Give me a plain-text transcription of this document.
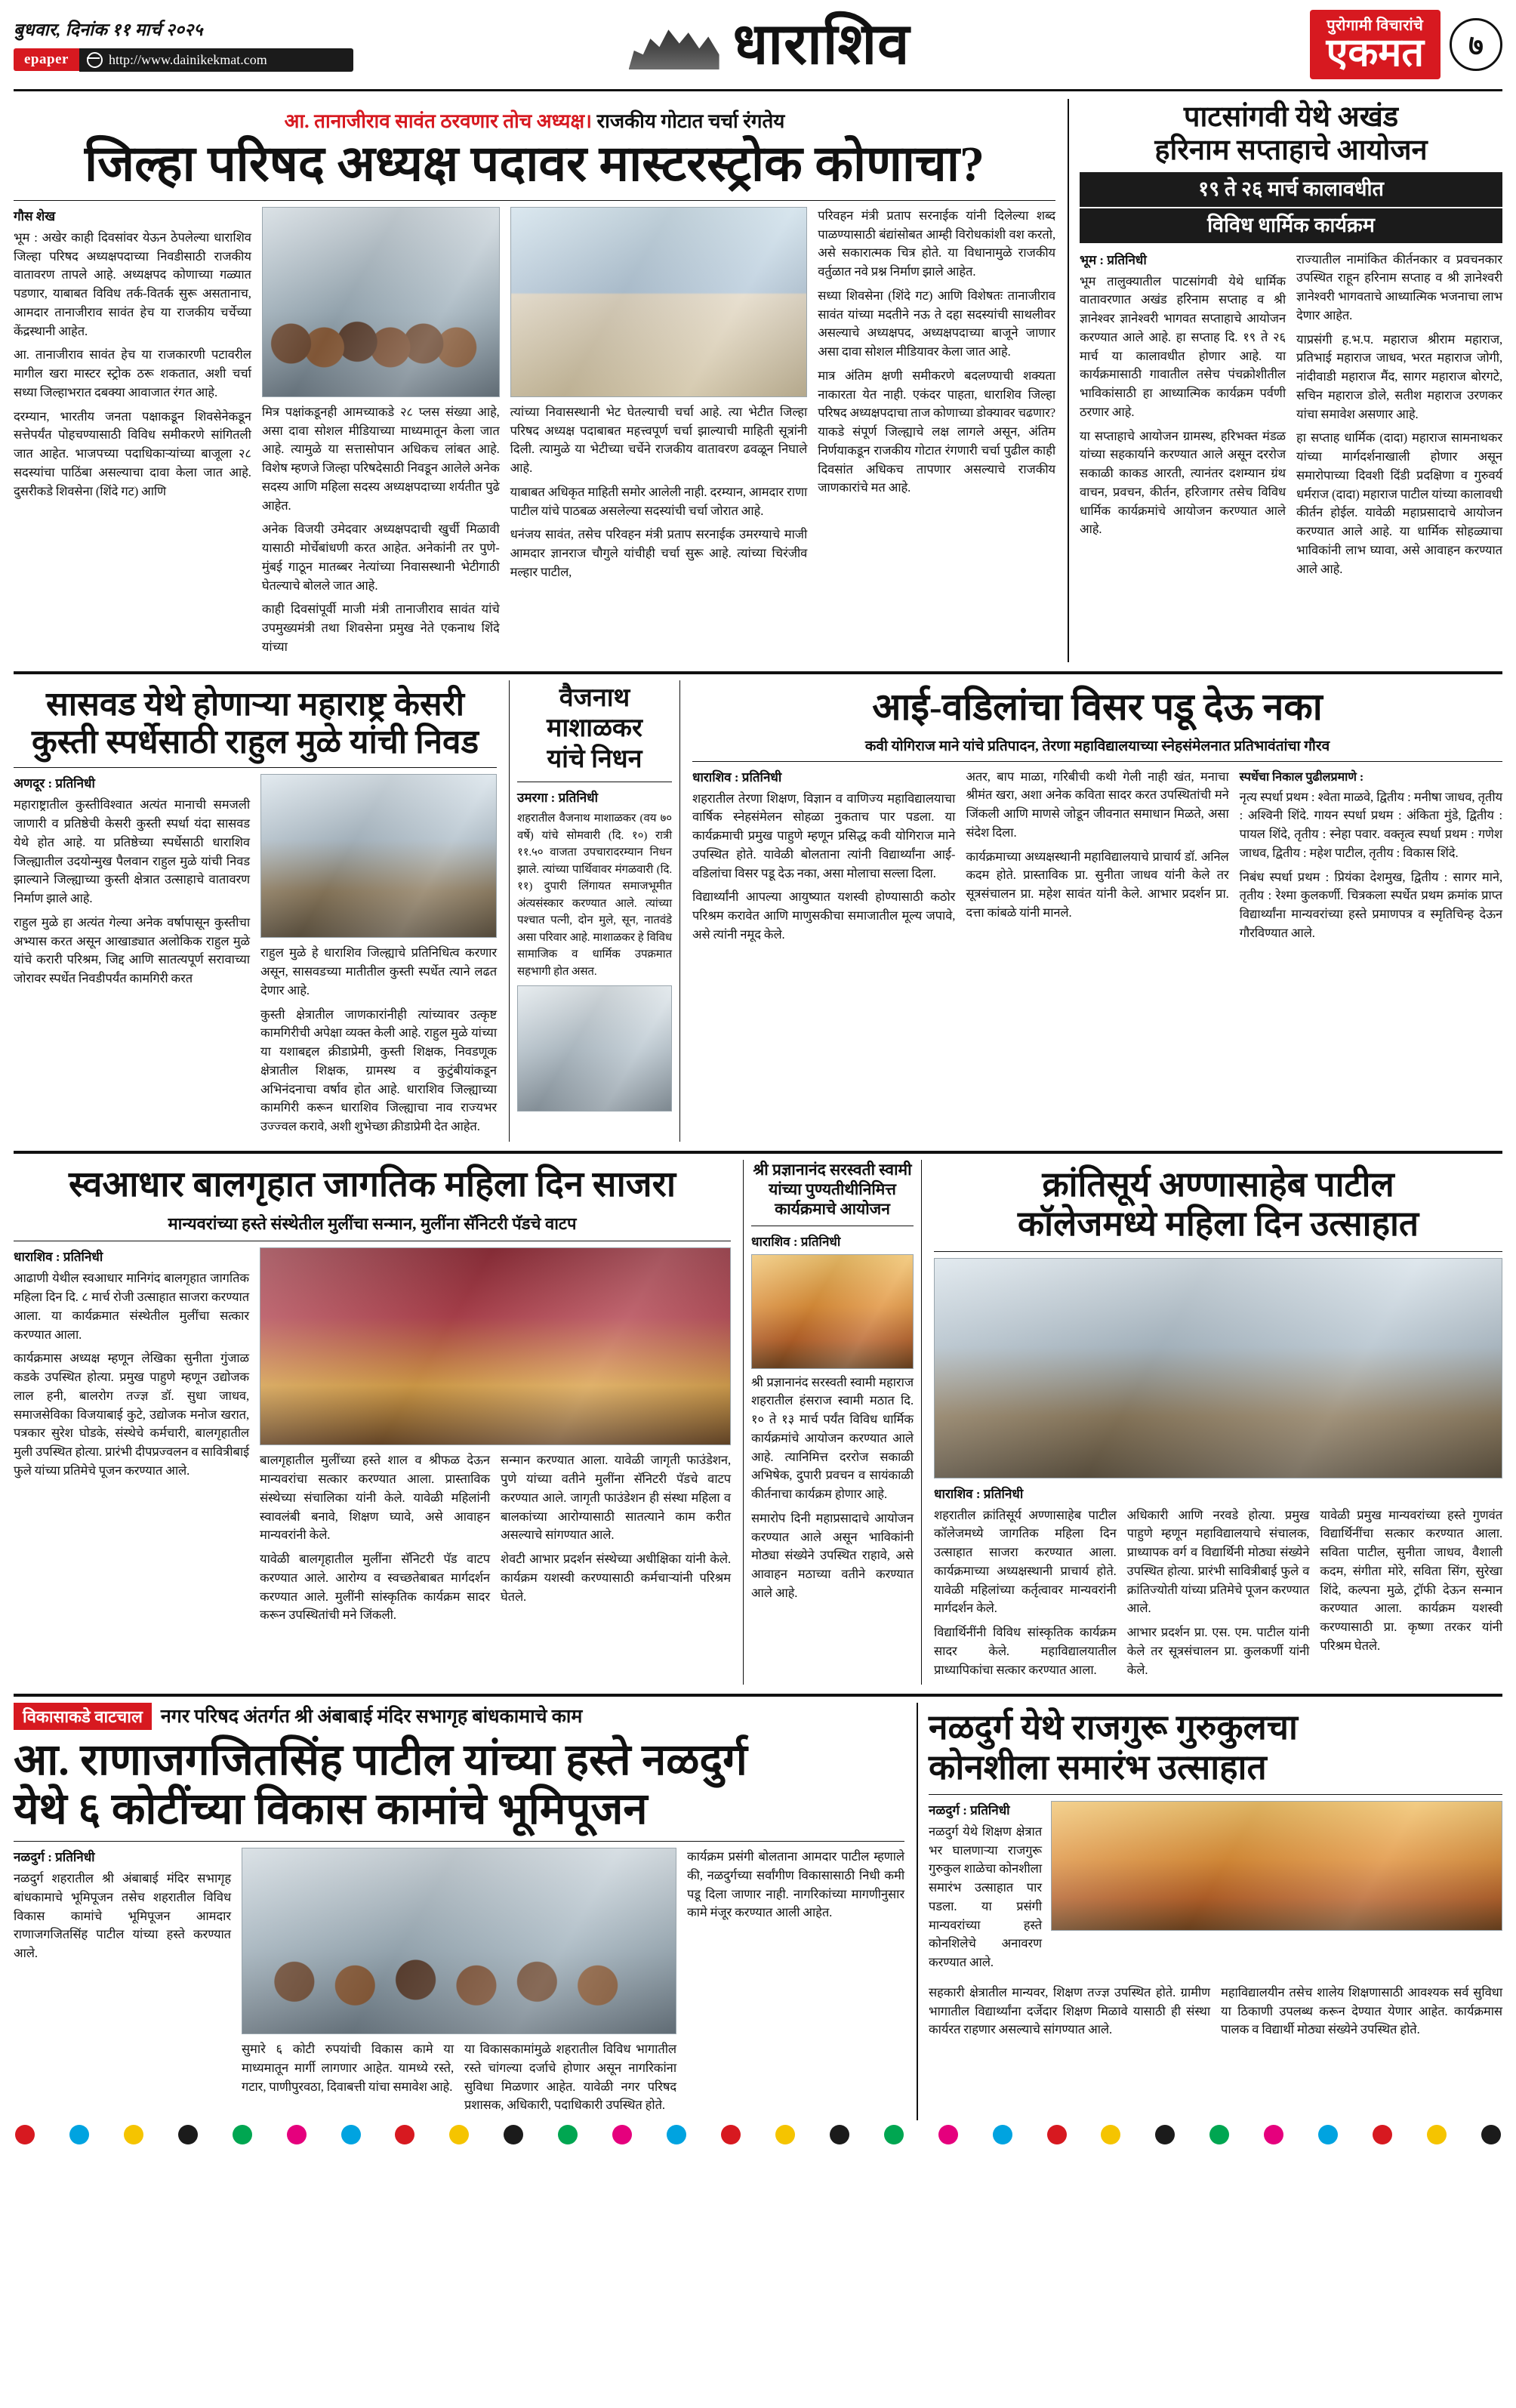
बुधवार, दिनांक ११ मार्च २०२५
epaper	http://www.dainikekmat.com	धाराशिव	पुरोगामी विचारांचे
एकमत	७
आ. तानाजीराव सावंत ठरवणार तोच अध्यक्ष। राजकीय गोटात चर्चा रंगतेय
जिल्हा परिषद अध्यक्ष पदावर मास्टरस्ट्रोक कोणाचा?
गौस शेख

भूम : अखेर काही दिवसांवर येऊन ठेपलेल्या धाराशिव जिल्हा परिषद अध्यक्षपदाच्या निवडीसाठी राजकीय वातावरण तापले आहे. अध्यक्षपद कोणाच्या गळ्यात पडणार, याबाबत विविध तर्क-वितर्क सुरू असतानाच, आमदार तानाजीराव सावंत हेच या राजकीय चर्चेच्या केंद्रस्थानी आहेत.

आ. तानाजीराव सावंत हेच या राजकारणी पटावरील मागील खरा मास्टर स्ट्रोक ठरू शकतात, अशी चर्चा सध्या जिल्हाभरात दबक्या आवाजात रंगत आहे.

दरम्यान, भारतीय जनता पक्षाकडून शिवसेनेकडून सत्तेपर्यंत पोहचण्यासाठी विविध समीकरणे सांगितली जात आहेत. भाजपच्या पदाधिकाऱ्यांच्या बाजूला २८ सदस्यांचा पाठिंबा असल्याचा दावा केला जात आहे. दुसरीकडे शिवसेना (शिंदे गट) आणि

मित्र पक्षांकडूनही आमच्याकडे २८ प्लस संख्या आहे, असा दावा सोशल मीडियाच्या माध्यमातून केला जात आहे. त्यामुळे या सत्तासोपान अधिकच लांबत आहे. विशेष म्हणजे जिल्हा परिषदेसाठी निवडून आलेले अनेक सदस्य आणि महिला सदस्य अध्यक्षपदाच्या शर्यतीत पुढे आहेत.

अनेक विजयी उमेदवार अध्यक्षपदाची खुर्ची मिळावी यासाठी मोर्चेबांधणी करत आहेत. अनेकांनी तर पुणे-मुंबई गाठून मातब्बर नेत्यांच्या निवासस्थानी भेटीगाठी घेतल्याचे बोलले जात आहे.

काही दिवसांपूर्वी माजी मंत्री तानाजीराव सावंत यांचे उपमुख्यमंत्री तथा शिवसेना प्रमुख नेते एकनाथ शिंदे यांच्या

त्यांच्या निवासस्थानी भेट घेतल्याची चर्चा आहे. त्या भेटीत जिल्हा परिषद अध्यक्ष पदाबाबत महत्त्वपूर्ण चर्चा झाल्याची माहिती सूत्रांनी दिली. त्यामुळे या भेटीच्या चर्चेने राजकीय वातावरण ढवळून निघाले आहे.

याबाबत अधिकृत माहिती समोर आलेली नाही. दरम्यान, आमदार राणा पाटील यांचे पाठबळ असलेल्या सदस्यांची चर्चा जोरात आहे.

धनंजय सावंत, तसेच परिवहन मंत्री प्रताप सरनाईक उमरग्याचे माजी आमदार ज्ञानराज चौगुले यांचीही चर्चा सुरू आहे. त्यांच्या चिरंजीव मल्हार पाटील,

परिवहन मंत्री प्रताप सरनाईक यांनी दिलेल्या शब्द पाळण्यासाठी बंद्यांसोबत आम्ही विरोधकांशी वश करतो, असे सकारात्मक चित्र होते. या विधानामुळे राजकीय वर्तुळात नवे प्रश्न निर्माण झाले आहेत.

सध्या शिवसेना (शिंदे गट) आणि विशेषतः तानाजीराव सावंत यांच्या मदतीने नऊ ते दहा सदस्यांची साथलीवर असल्याचे अध्यक्षपद, अध्यक्षपदाच्या बाजूने जाणार असा दावा सोशल मीडियावर केला जात आहे.

मात्र अंतिम क्षणी समीकरणे बदलण्याची शक्यता नाकारता येत नाही. एकंदर पाहता, धाराशिव जिल्हा परिषद अध्यक्षपदाचा ताज कोणाच्या डोक्यावर चढणार? याकडे संपूर्ण जिल्ह्याचे लक्ष लागले असून, अंतिम निर्णयाकडून राजकीय गोटात रंगणारी चर्चा पुढील काही दिवसांत अधिकच तापणार असल्याचे राजकीय जाणकारांचे मत आहे.

पाटसांगवी येथे अखंड
हरिनाम सप्ताहाचे आयोजन
१९ ते २६ मार्च कालावधीत
विविध धार्मिक कार्यक्रम
भूम : प्रतिनिधी

भूम तालुक्यातील पाटसांगवी येथे धार्मिक वातावरणात अखंड हरिनाम सप्ताह व श्री ज्ञानेश्वर ज्ञानेश्वरी भागवत सप्ताहाचे आयोजन करण्यात आले आहे. हा सप्ताह दि. १९ ते २६ मार्च या कालावधीत होणार आहे. या कार्यक्रमासाठी गावातील तसेच पंचक्रोशीतील भाविकांसाठी हा आध्यात्मिक कार्यक्रम पर्वणी ठरणार आहे.

या सप्ताहाचे आयोजन ग्रामस्थ, हरिभक्त मंडळ यांच्या सहकार्याने करण्यात आले असून दररोज सकाळी काकड आरती, त्यानंतर दशम्यान ग्रंथ वाचन, प्रवचन, कीर्तन, हरिजागर तसेच विविध धार्मिक कार्यक्रमांचे आयोजन करण्यात आले आहे.

राज्यातील नामांकित कीर्तनकार व प्रवचनकार उपस्थित राहून हरिनाम सप्ताह व श्री ज्ञानेश्वरी ज्ञानेश्वरी भागवताचे आध्यात्मिक भजनाचा लाभ देणार आहेत.

याप्रसंगी ह.भ.प. महाराज श्रीराम महाराज, प्रतिभाई महाराज जाधव, भरत महाराज जोगी, नांदीवाडी महाराज मैंद, सागर महाराज बोरगटे, सचिन महाराज डोले, सतीश महाराज उरणकर यांचा समावेश असणार आहे.

हा सप्ताह धार्मिक (दादा) महाराज सामनाथकर यांच्या मार्गदर्शनाखाली होणार असून समारोपाच्या दिवशी दिंडी प्रदक्षिणा व गुरुवर्य धर्मराज (दादा) महाराज पाटील यांच्या कालावधी कीर्तन होईल. यावेळी महाप्रसादाचे आयोजन करण्यात आले आहे. या धार्मिक सोहळ्याचा भाविकांनी लाभ घ्यावा, असे आवाहन करण्यात आले आहे.

सासवड येथे होणाऱ्या महाराष्ट्र केसरी
कुस्ती स्पर्धेसाठी राहुल मुळे यांची निवड
अणदूर : प्रतिनिधी

महाराष्ट्रातील कुस्तीविश्वात अत्यंत मानाची समजली जाणारी व प्रतिष्ठेची केसरी कुस्ती स्पर्धा यंदा सासवड येथे होत आहे. या प्रतिष्ठेच्या स्पर्धेसाठी धाराशिव जिल्ह्यातील उदयोन्मुख पैलवान राहुल मुळे यांची निवड झाल्याने जिल्ह्याच्या कुस्ती क्षेत्रात उत्साहाचे वातावरण निर्माण झाले आहे.

राहुल मुळे हा अत्यंत गेल्या अनेक वर्षापासून कुस्तीचा अभ्यास करत असून आखाड्यात अलोकिक राहुल मुळे यांचे करारी परिश्रम, जिद्द आणि सातत्यपूर्ण सरावाच्या जोरावर स्पर्धेत निवडीपर्यंत कामगिरी करत

राहुल मुळे हे धाराशिव जिल्ह्याचे प्रतिनिधित्व करणार असून, सासवडच्या मातीतील कुस्ती स्पर्धेत त्याने लढत देणार आहे.

कुस्ती क्षेत्रातील जाणकारांनीही त्यांच्यावर उत्कृष्ट कामगिरीची अपेक्षा व्यक्त केली आहे. राहुल मुळे यांच्या या यशाबद्दल क्रीडाप्रेमी, कुस्ती शिक्षक, निवडणूक क्षेत्रातील शिक्षक, ग्रामस्थ व कुटुंबीयांकडून अभिनंदनाचा वर्षाव होत आहे. धाराशिव जिल्ह्याच्या कामगिरी करून धाराशिव जिल्ह्याचा नाव राज्यभर उज्ज्वल करावे, अशी शुभेच्छा क्रीडाप्रेमी देत आहेत.

वैजनाथ
माशाळकर
यांचे निधन
उमरगा : प्रतिनिधी

शहरातील वैजनाथ माशाळकर (वय ७० वर्षे) यांचे सोमवारी (दि. १०) रात्री ११.५० वाजता उपचारादरम्यान निधन झाले. त्यांच्या पार्थिवावर मंगळवारी (दि. ११) दुपारी लिंगायत समाजभूमीत अंत्यसंस्कार करण्यात आले. त्यांच्या पश्चात पत्नी, दोन मुले, सून, नातवंडे असा परिवार आहे. माशाळकर हे विविध सामाजिक व धार्मिक उपक्रमात सहभागी होत असत.

आई-वडिलांचा विसर पडू देऊ नका
कवी योगिराज माने यांचे प्रतिपादन, तेरणा महाविद्यालयाच्या स्नेहसंमेलनात प्रतिभावंतांचा गौरव
धाराशिव : प्रतिनिधी

शहरातील तेरणा शिक्षण, विज्ञान व वाणिज्य महाविद्यालयाचा वार्षिक स्नेहसंमेलन सोहळा नुकताच पार पडला. या कार्यक्रमाची प्रमुख पाहुणे म्हणून प्रसिद्ध कवी योगिराज माने उपस्थित होते. यावेळी बोलताना त्यांनी विद्यार्थ्यांना आई-वडिलांचा विसर पडू देऊ नका, असा मोलाचा सल्ला दिला.

विद्यार्थ्यांनी आपल्या आयुष्यात यशस्वी होण्यासाठी कठोर परिश्रम करावेत आणि माणुसकीचा समाजातील मूल्य जपावे, असे त्यांनी नमूद केले.

अतर, बाप माळा, गरिबीची कथी गेली नाही खंत, मनाचा श्रीमंत खरा, अशा अनेक कविता सादर करत उपस्थितांची मने जिंकली आणि माणसे जोडून जीवनात समाधान मिळते, असा संदेश दिला.

कार्यक्रमाच्या अध्यक्षस्थानी महाविद्यालयाचे प्राचार्य डॉ. अनिल कदम होते. प्रास्ताविक प्रा. सुनीता जाधव यांनी केले तर सूत्रसंचालन प्रा. महेश सावंत यांनी केले. आभार प्रदर्शन प्रा. दत्ता कांबळे यांनी मानले.

स्पर्धेचा निकाल पुढीलप्रमाणे :

नृत्य स्पर्धा प्रथम : श्वेता माळवे, द्वितीय : मनीषा जाधव, तृतीय : अश्विनी शिंदे. गायन स्पर्धा प्रथम : अंकिता मुंडे, द्वितीय : पायल शिंदे, तृतीय : स्नेहा पवार. वक्तृत्व स्पर्धा प्रथम : गणेश जाधव, द्वितीय : महेश पाटील, तृतीय : विकास शिंदे.

निबंध स्पर्धा प्रथम : प्रियंका देशमुख, द्वितीय : सागर माने, तृतीय : रेश्मा कुलकर्णी. चित्रकला स्पर्धेत प्रथम क्रमांक प्राप्त विद्यार्थ्यांना मान्यवरांच्या हस्ते प्रमाणपत्र व स्मृतिचिन्ह देऊन गौरविण्यात आले.

स्वआधार बालगृहात जागतिक महिला दिन साजरा
मान्यवरांच्या हस्ते संस्थेतील मुलींचा सन्मान, मुलींना सॅनिटरी पॅडचे वाटप
धाराशिव : प्रतिनिधी

आढाणी येथील स्वआधार मानिगंद बालगृहात जागतिक महिला दिन दि. ८ मार्च रोजी उत्साहात साजरा करण्यात आला. या कार्यक्रमात संस्थेतील मुलींचा सत्कार करण्यात आला.

कार्यक्रमास अध्यक्ष म्हणून लेखिका सुनीता गुंजाळ कडके उपस्थित होत्या. प्रमुख पाहुणे म्हणून उद्योजक लाल हनी, बालरोग तज्ज्ञ डॉ. सुधा जाधव, समाजसेविका विजयाबाई कुटे, उद्योजक मनोज खरात, पत्रकार सुरेश घोडके, संस्थेचे कर्मचारी, बालगृहातील मुली उपस्थित होत्या. प्रारंभी दीपप्रज्वलन व सावित्रीबाई फुले यांच्या प्रतिमेचे पूजन करण्यात आले.

बालगृहातील मुलींच्या हस्ते शाल व श्रीफळ देऊन मान्यवरांचा सत्कार करण्यात आला. प्रास्ताविक संस्थेच्या संचालिका यांनी केले. यावेळी महिलांनी स्वावलंबी बनावे, शिक्षण घ्यावे, असे आवाहन मान्यवरांनी केले.

यावेळी बालगृहातील मुलींना सॅनिटरी पॅड वाटप करण्यात आले. आरोग्य व स्वच्छतेबाबत मार्गदर्शन करण्यात आले. मुलींनी सांस्कृतिक कार्यक्रम सादर करून उपस्थितांची मने जिंकली.

सन्मान करण्यात आला. यावेळी जागृती फाउंडेशन, पुणे यांच्या वतीने मुलींना सॅनिटरी पॅडचे वाटप करण्यात आले. जागृती फाउंडेशन ही संस्था महिला व बालकांच्या आरोग्यासाठी सातत्याने काम करीत असल्याचे सांगण्यात आले.

शेवटी आभार प्रदर्शन संस्थेच्या अधीक्षिका यांनी केले. कार्यक्रम यशस्वी करण्यासाठी कर्मचाऱ्यांनी परिश्रम घेतले.

श्री प्रज्ञानानंद सरस्वती स्वामी
यांच्या पुण्यतीथीनिमित्त
कार्यक्रमाचे आयोजन
धाराशिव : प्रतिनिधी

श्री प्रज्ञानानंद सरस्वती स्वामी महाराज शहरातील हंसराज स्वामी मठात दि. १० ते १३ मार्च पर्यंत विविध धार्मिक कार्यक्रमांचे आयोजन करण्यात आले आहे. त्यानिमित्त दररोज सकाळी अभिषेक, दुपारी प्रवचन व सायंकाळी कीर्तनाचा कार्यक्रम होणार आहे.

समारोप दिनी महाप्रसादाचे आयोजन करण्यात आले असून भाविकांनी मोठ्या संख्येने उपस्थित राहावे, असे आवाहन मठाच्या वतीने करण्यात आले आहे.

क्रांतिसूर्य अण्णासाहेब पाटील
कॉलेजमध्ये महिला दिन उत्साहात
धाराशिव : प्रतिनिधी

शहरातील क्रांतिसूर्य अण्णासाहेब पाटील कॉलेजमध्ये जागतिक महिला दिन उत्साहात साजरा करण्यात आला. कार्यक्रमाच्या अध्यक्षस्थानी प्राचार्य होते. यावेळी महिलांच्या कर्तृत्वावर मान्यवरांनी मार्गदर्शन केले.

विद्यार्थिनींनी विविध सांस्कृतिक कार्यक्रम सादर केले. महाविद्यालयातील प्राध्यापिकांचा सत्कार करण्यात आला.

अधिकारी आणि नरवडे होत्या. प्रमुख पाहुणे म्हणून महाविद्यालयाचे संचालक, प्राध्यापक वर्ग व विद्यार्थिनी मोठ्या संख्येने उपस्थित होत्या. प्रारंभी सावित्रीबाई फुले व क्रांतिज्योती यांच्या प्रतिमेचे पूजन करण्यात आले.

आभार प्रदर्शन प्रा. एस. एम. पाटील यांनी केले तर सूत्रसंचालन प्रा. कुलकर्णी यांनी केले.

यावेळी प्रमुख मान्यवरांच्या हस्ते गुणवंत विद्यार्थिनींचा सत्कार करण्यात आला. सविता पाटील, सुनीता जाधव, वैशाली कदम, संगीता मोरे, सविता सिंग, सुरेखा शिंदे, कल्पना मुळे, ट्रॉफी देऊन सन्मान करण्यात आला. कार्यक्रम यशस्वी करण्यासाठी प्रा. कृष्णा तरकर यांनी परिश्रम घेतले.

विकासाकडे वाटचाल नगर परिषद अंतर्गत श्री अंबाबाई मंदिर सभागृह बांधकामाचे काम
आ. राणाजगजितसिंह पाटील यांच्या हस्ते नळदुर्ग
येथे ६ कोटींच्या विकास कामांचे भूमिपूजन
नळदुर्ग : प्रतिनिधी

नळदुर्ग शहरातील श्री अंबाबाई मंदिर सभागृह बांधकामाचे भूमिपूजन तसेच शहरातील विविध विकास कामांचे भूमिपूजन आमदार राणाजगजितसिंह पाटील यांच्या हस्ते करण्यात आले.

सुमारे ६ कोटी रुपयांची विकास कामे या माध्यमातून मार्गी लागणार आहेत. यामध्ये रस्ते, गटार, पाणीपुरवठा, दिवाबत्ती यांचा समावेश आहे.

या विकासकामांमुळे शहरातील विविध भागातील रस्ते चांगल्या दर्जाचे होणार असून नागरिकांना सुविधा मिळणार आहेत. यावेळी नगर परिषद प्रशासक, अधिकारी, पदाधिकारी उपस्थित होते.

कार्यक्रम प्रसंगी बोलताना आमदार पाटील म्हणाले की, नळदुर्गच्या सर्वांगीण विकासासाठी निधी कमी पडू दिला जाणार नाही. नागरिकांच्या मागणीनुसार कामे मंजूर करण्यात आली आहेत.

नळदुर्ग येथे राजगुरू गुरुकुलचा
कोनशीला समारंभ उत्साहात
नळदुर्ग : प्रतिनिधी

नळदुर्ग येथे शिक्षण क्षेत्रात भर घालणाऱ्या राजगुरू गुरुकुल शाळेचा कोनशीला समारंभ उत्साहात पार पडला. या प्रसंगी मान्यवरांच्या हस्ते कोनशिलेचे अनावरण करण्यात आले.

सहकारी क्षेत्रातील मान्यवर, शिक्षण तज्ज्ञ उपस्थित होते. ग्रामीण भागातील विद्यार्थ्यांना दर्जेदार शिक्षण मिळावे यासाठी ही संस्था कार्यरत राहणार असल्याचे सांगण्यात आले.

महाविद्यालयीन तसेच शालेय शिक्षणासाठी आवश्यक सर्व सुविधा या ठिकाणी उपलब्ध करून देण्यात येणार आहेत. कार्यक्रमास पालक व विद्यार्थी मोठ्या संख्येने उपस्थित होते.
